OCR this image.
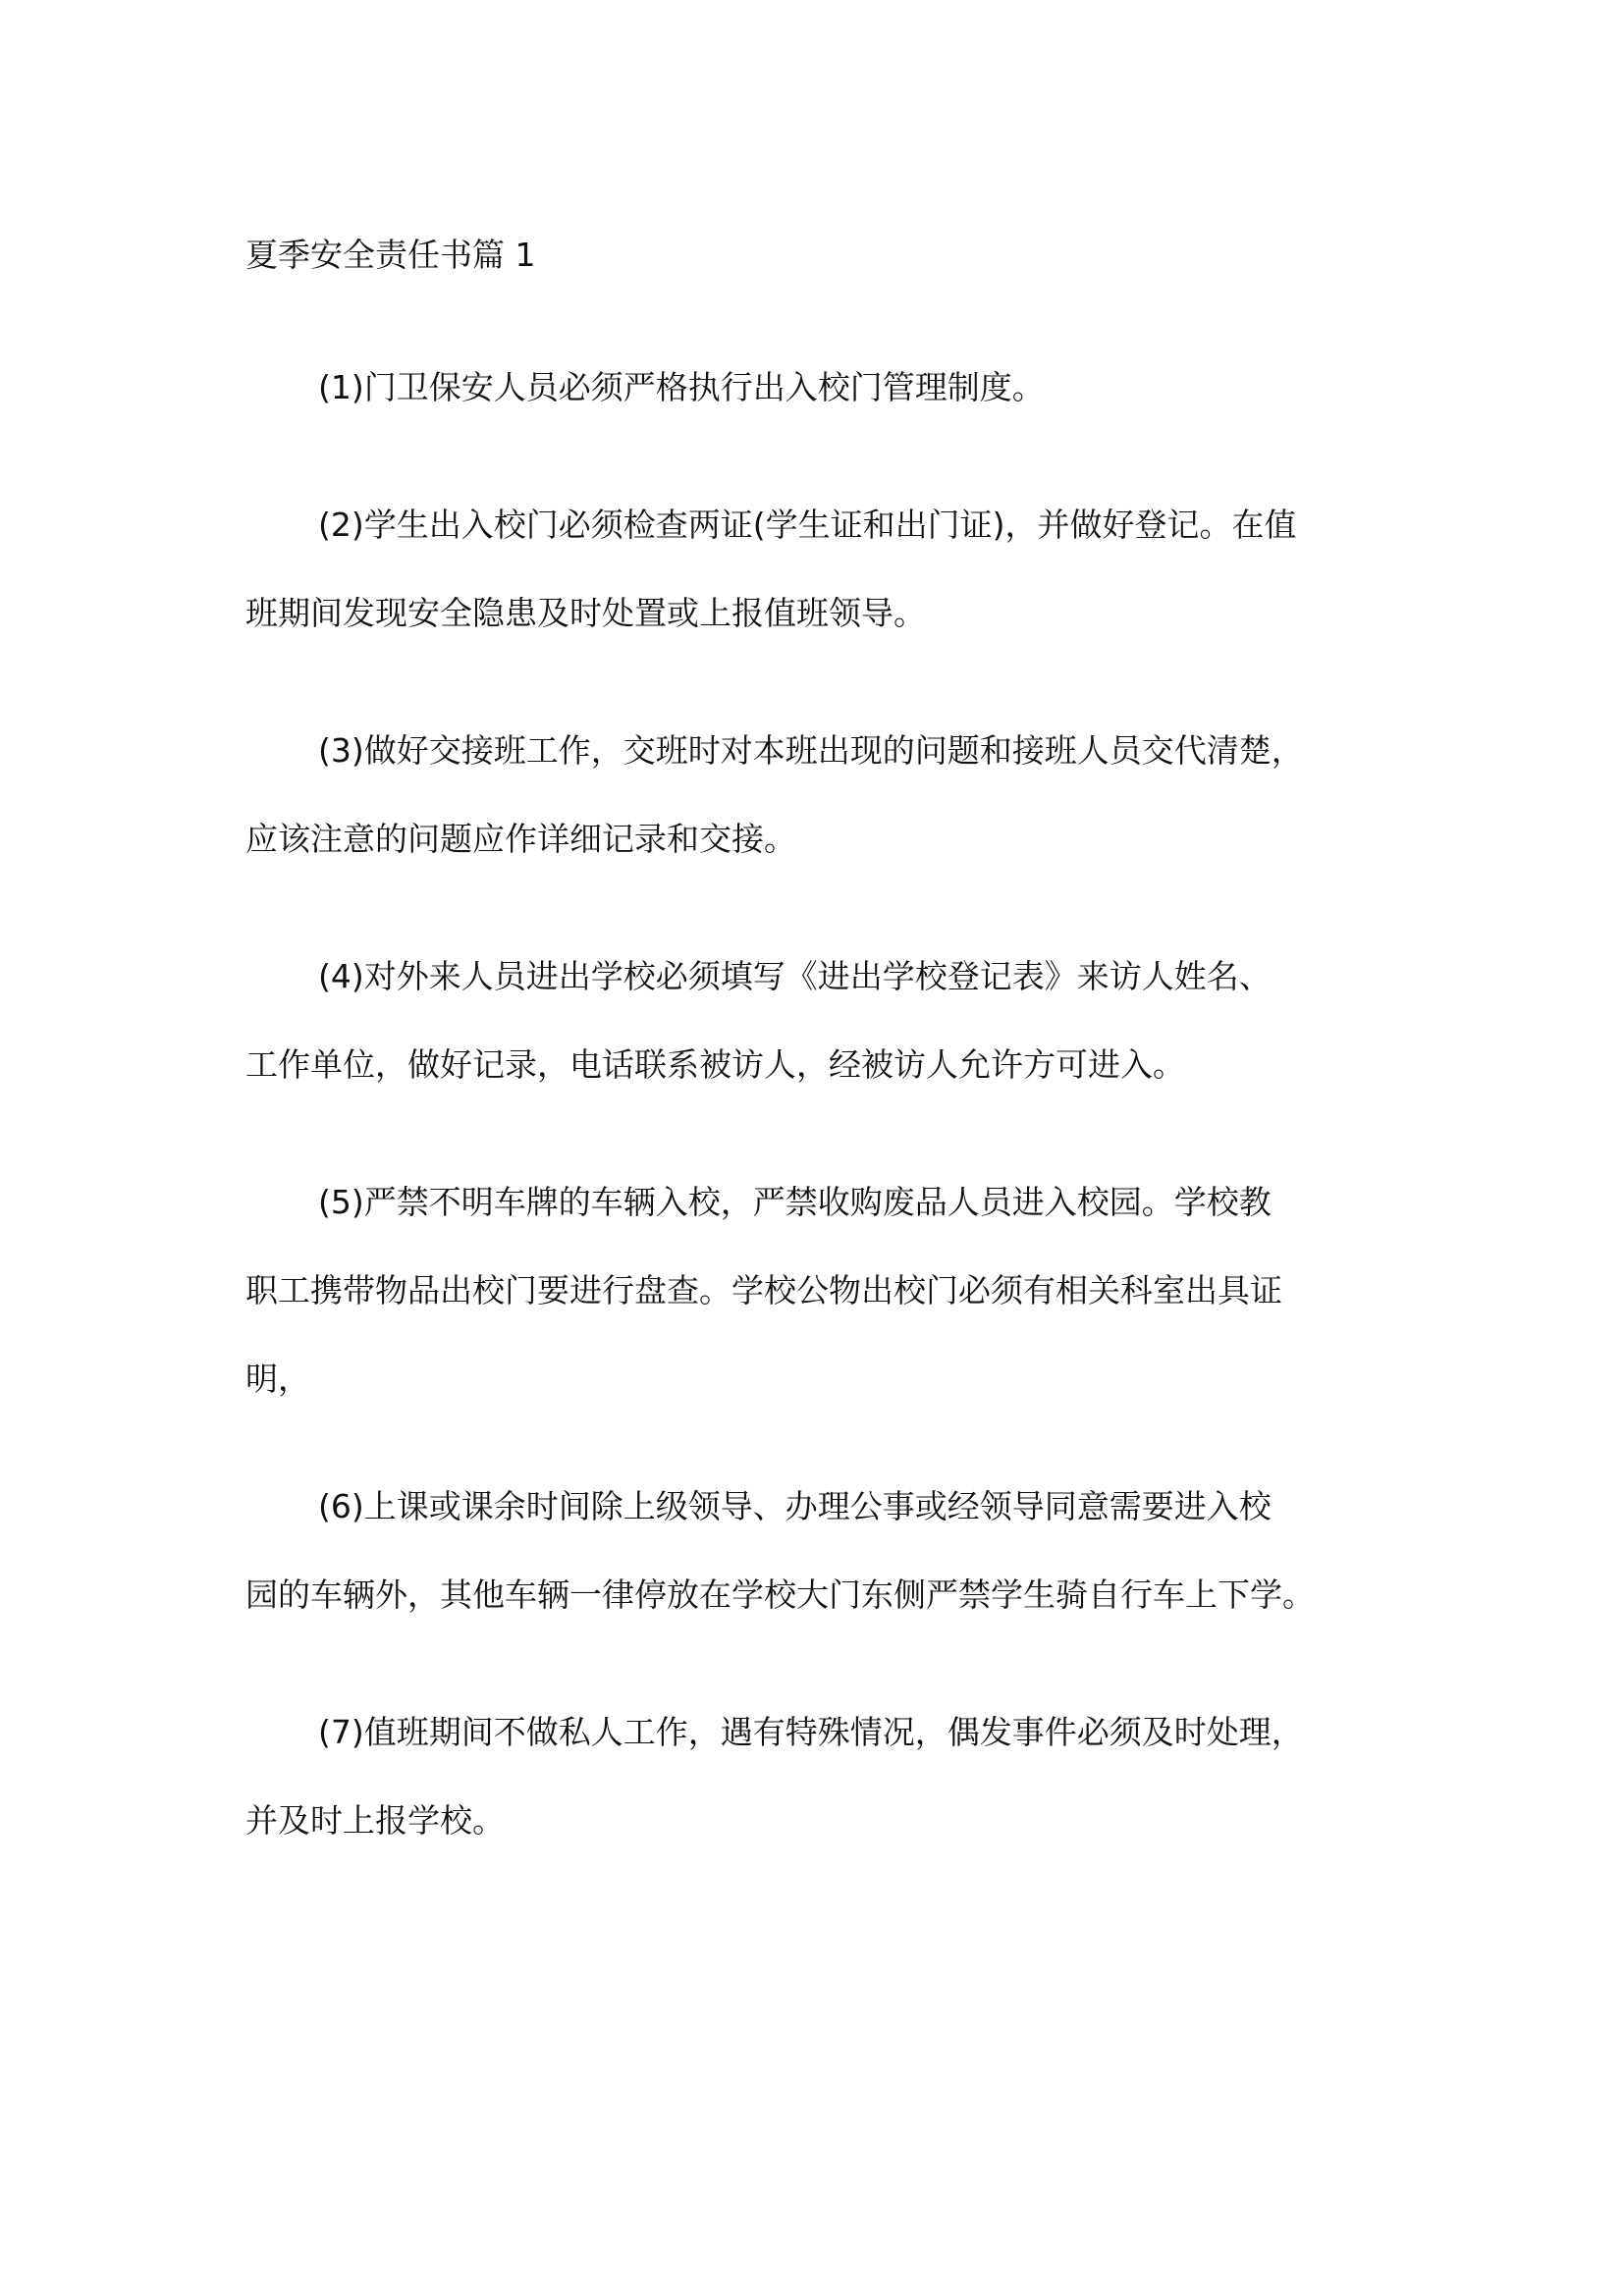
夏季安全责任书篇 1
(1)门卫保安人员必须严格执行出入校门管理制度。
(2)学生出入校门必须检查两证(学生证和出门证)，并做好登记。在值
班期间发现安全隐患及时处置或上报值班领导。
(3)做好交接班工作，交班时对本班出现的问题和接班人员交代清楚，
应该注意的问题应作详细记录和交接。
(4)对外来人员进出学校必须填写《进出学校登记表》来访人姓名、
工作单位，做好记录，电话联系被访人，经被访人允许方可进入。
(5)严禁不明车牌的车辆入校，严禁收购废品人员进入校园。学校教
职工携带物品出校门要进行盘查。学校公物出校门必须有相关科室出具证
明，
(6)上课或课余时间除上级领导、办理公事或经领导同意需要进入校
园的车辆外，其他车辆一律停放在学校大门东侧严禁学生骑自行车上下学。
(7)值班期间不做私人工作，遇有特殊情况，偶发事件必须及时处理，
并及时上报学校。
